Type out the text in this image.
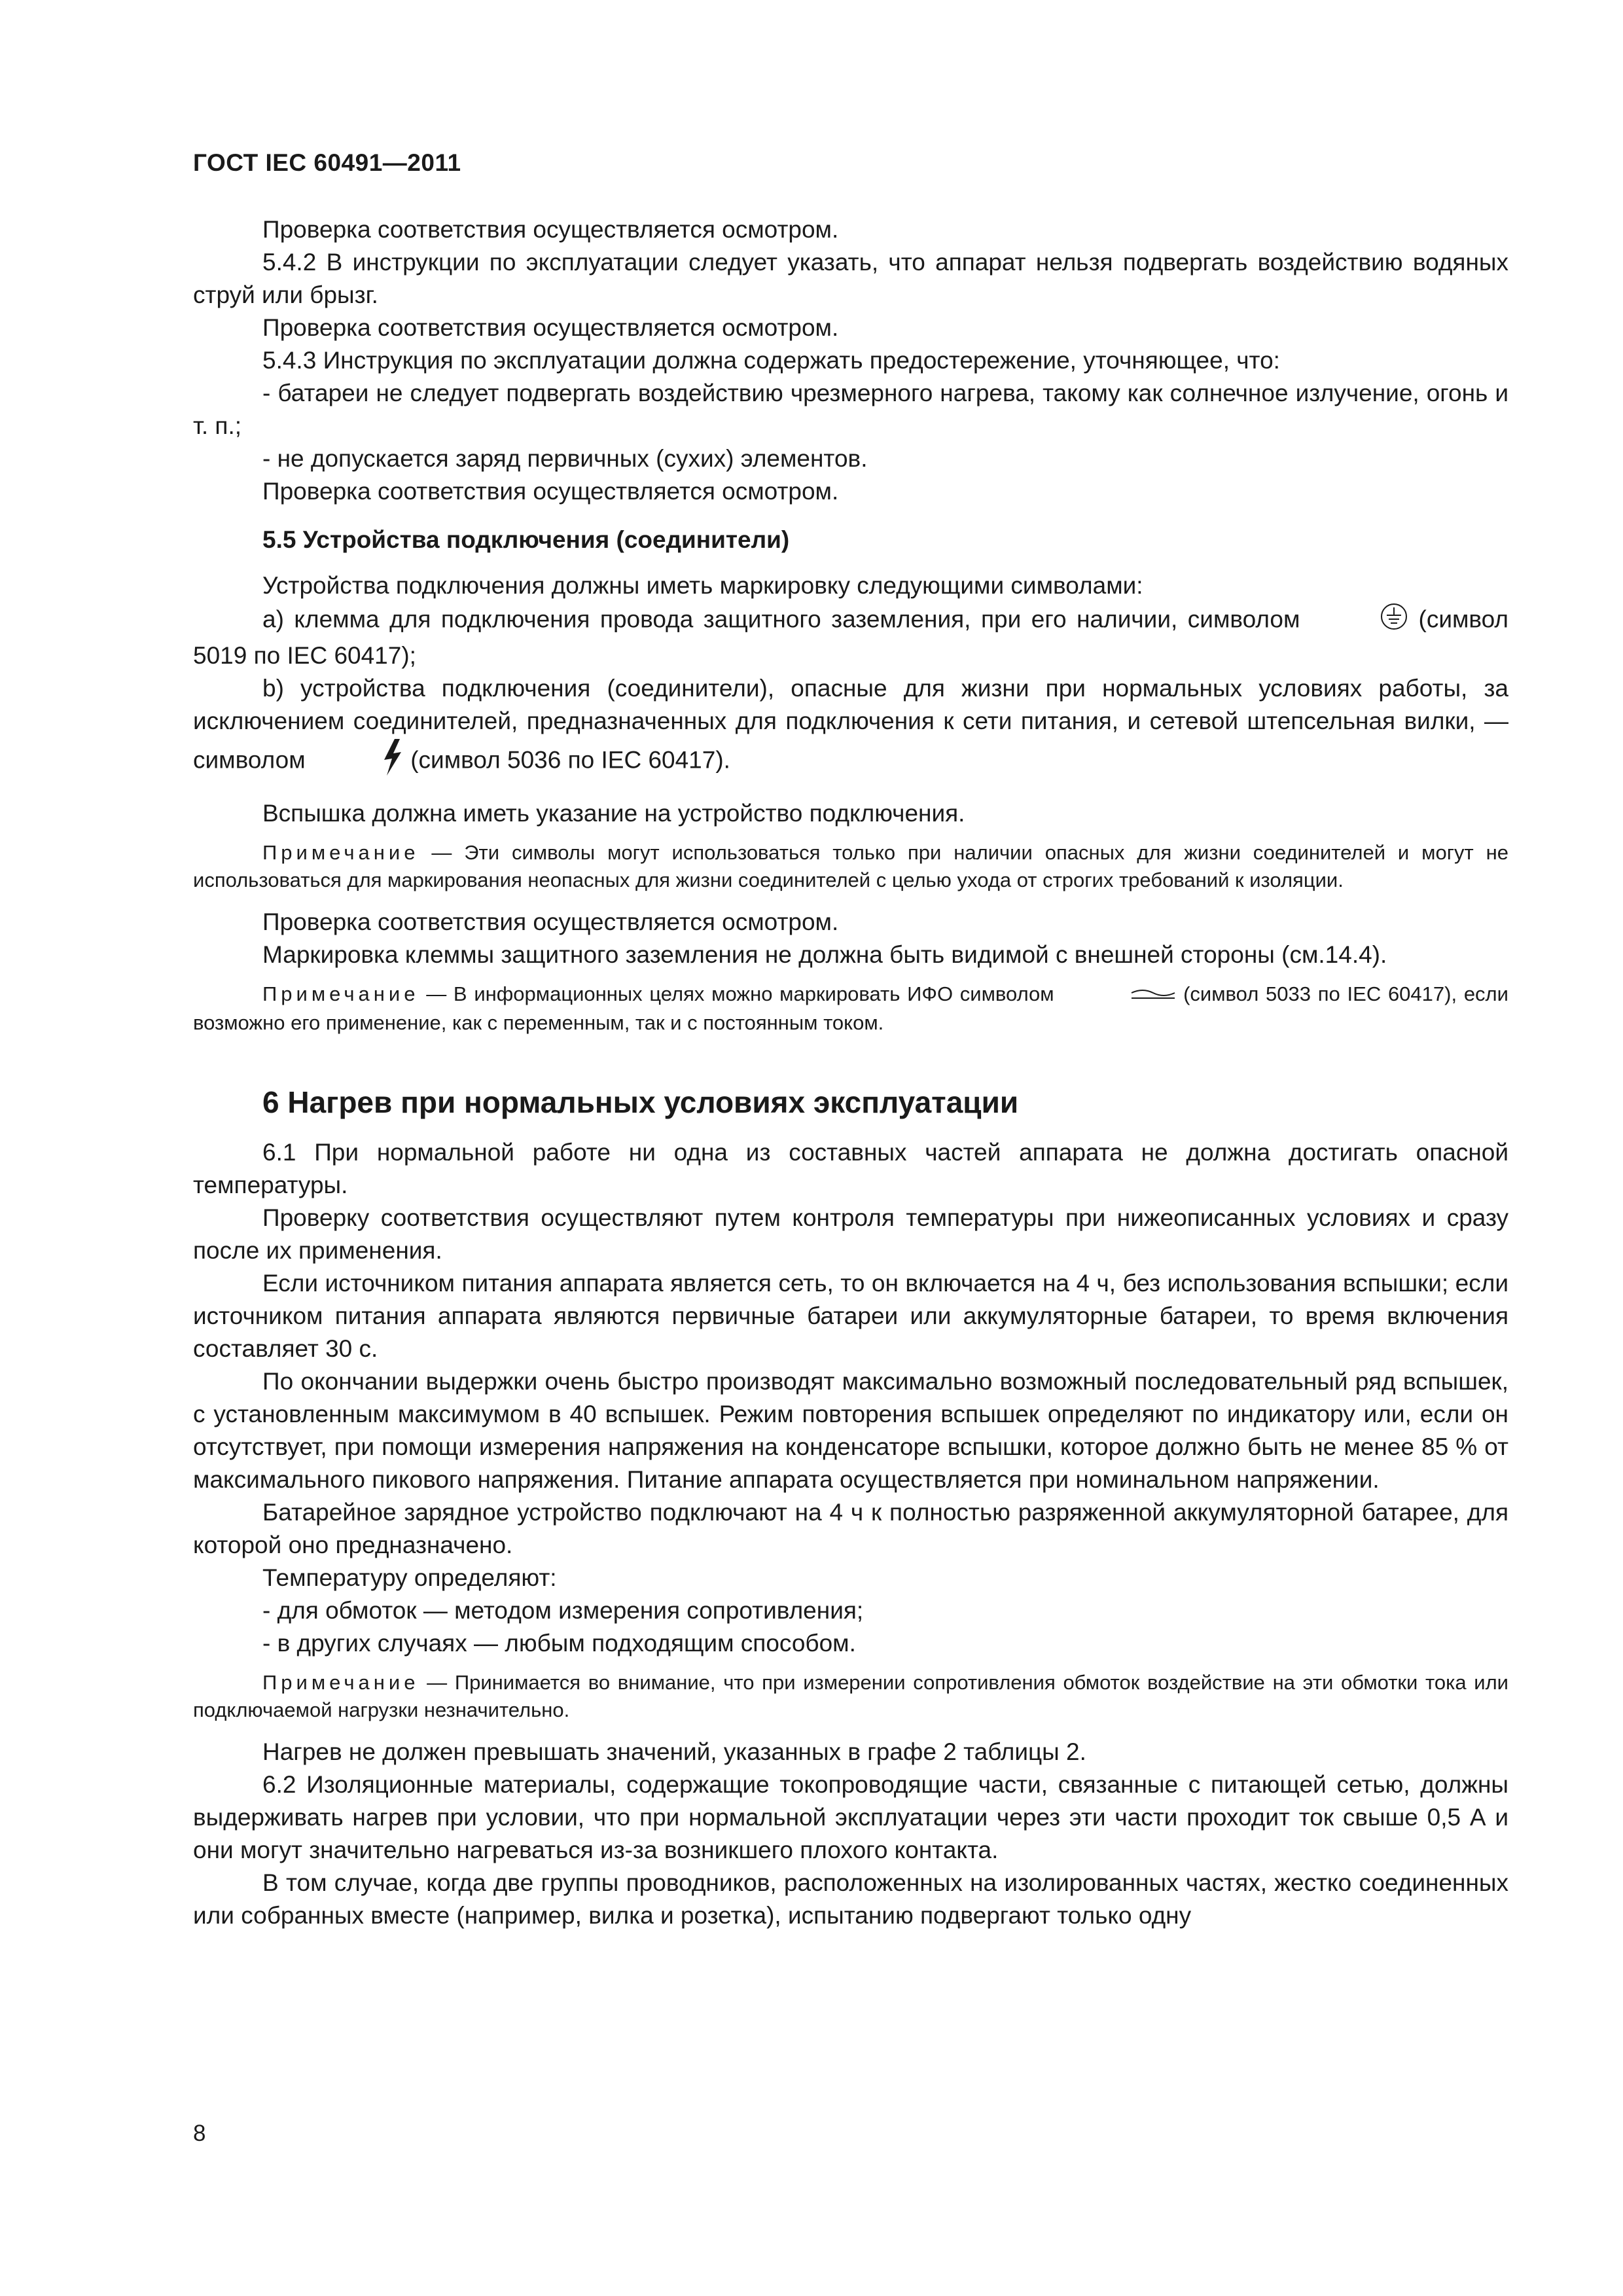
ГОСТ IEC 60491—2011

Проверка соответствия осуществляется осмотром.

5.4.2 В инструкции по эксплуатации следует указать, что аппарат нельзя подвергать воздействию водяных струй или брызг.

Проверка соответствия осуществляется осмотром.

5.4.3 Инструкция по эксплуатации должна содержать предостережение, уточняющее, что:

- батареи не следует подвергать воздействию чрезмерного нагрева, такому как солнечное излучение, огонь и т. п.;

- не допускается заряд первичных (сухих) элементов.

Проверка соответствия осуществляется осмотром.

5.5 Устройства подключения (соединители)

Устройства подключения должны иметь маркировку следующими символами:

а) клемма для подключения провода защитного заземления, при его наличии, символом	(символ 5019 по IEC 60417);

b) устройства подключения (соединители), опасные для жизни при нормальных условиях работы, за исключением соединителей, предназначенных для подключения к сети питания, и сетевой штепсельная вилки, — символом	(символ 5036 по IEC 60417).

Вспышка должна иметь указание на устройство подключения.

Примечание — Эти символы могут использоваться только при наличии опасных для жизни соединителей и могут не использоваться для маркирования неопасных для жизни соединителей с целью ухода от строгих требований к изоляции.

Проверка соответствия осуществляется осмотром.

Маркировка клеммы защитного заземления не должна быть видимой с внешней стороны (см.14.4).

Примечание — В информационных целях можно маркировать ИФО символом	(символ 5033 по IEC 60417), если возможно его применение, как с переменным, так и с постоянным током.
6 Нагрев при нормальных условиях эксплуатации

6.1 При нормальной работе ни одна из составных частей аппарата не должна достигать опасной температуры.

Проверку соответствия осуществляют путем контроля температуры при нижеописанных условиях и сразу после их применения.

Если источником питания аппарата является сеть, то он включается на 4 ч, без использования вспышки; если источником питания аппарата являются первичные батареи или аккумуляторные батареи, то время включения составляет 30 с.

По окончании выдержки очень быстро производят максимально возможный последовательный ряд вспышек, с установленным максимумом в 40 вспышек. Режим повторения вспышек определяют по индикатору или, если он отсутствует, при помощи измерения напряжения на конденсаторе вспышки, которое должно быть не менее 85 % от максимального пикового напряжения. Питание аппарата осуществляется при номинальном напряжении.

Батарейное зарядное устройство подключают на 4 ч к полностью разряженной аккумуляторной батарее, для которой оно предназначено.

Температуру определяют:

- для обмоток — методом измерения сопротивления;

- в других случаях — любым подходящим способом.

Примечание — Принимается во внимание, что при измерении сопротивления обмоток воздействие на эти обмотки тока или подключаемой нагрузки незначительно.

Нагрев не должен превышать значений, указанных в графе 2 таблицы 2.

6.2 Изоляционные материалы, содержащие токопроводящие части, связанные с питающей сетью, должны выдерживать нагрев при условии, что при нормальной эксплуатации через эти части проходит ток свыше 0,5 А и они могут значительно нагреваться из-за возникшего плохого контакта.

В том случае, когда две группы проводников, расположенных на изолированных частях, жестко соединенных или собранных вместе (например, вилка и розетка), испытанию подвергают только одну

8
